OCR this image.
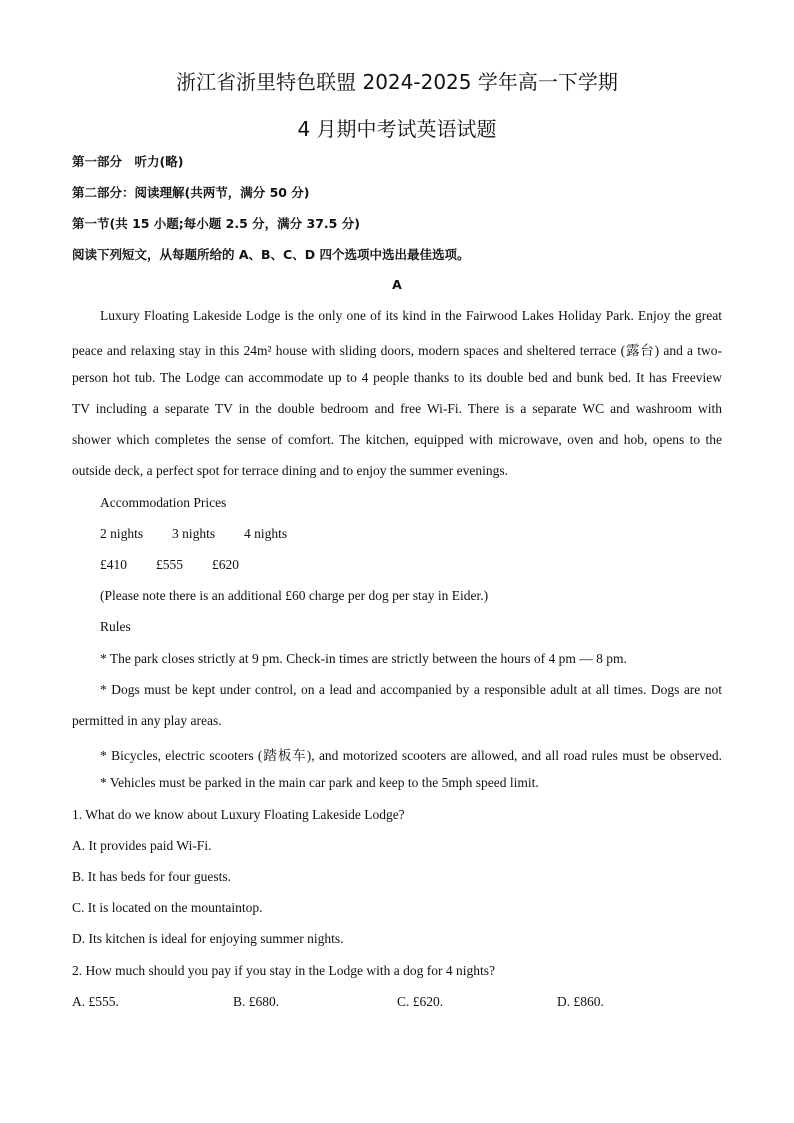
浙江省浙里特色联盟 2024-2025 学年高一下学期
4 月期中考试英语试题
第一部分　听力(略)
第二部分：阅读理解(共两节，满分 50 分)
第一节(共 15 小题;每小题 2.5 分，满分 37.5 分)
阅读下列短文，从每题所给的 A、B、C、D 四个选项中选出最佳选项。
A
Luxury Floating Lakeside Lodge is the only one of its kind in the Fairwood Lakes Holiday Park. Enjoy the great
peace and relaxing stay in this 24m² house with sliding doors, modern spaces and sheltered terrace (露台) and a two-
person hot tub. The Lodge can accommodate up to 4 people thanks to its double bed and bunk bed. It has Freeview
TV including a separate TV in the double bedroom and free Wi-Fi. There is a separate WC and washroom with
shower which completes the sense of comfort. The kitchen, equipped with microwave, oven and hob, opens to the
outside deck, a perfect spot for terrace dining and to enjoy the summer evenings.
Accommodation Prices
2 nights 3 nights 4 nights
£410 £555 £620
(Please note there is an additional £60 charge per dog per stay in Eider.)
Rules
* The park closes strictly at 9 pm. Check-in times are strictly between the hours of 4 pm — 8 pm.
* Dogs must be kept under control, on a lead and accompanied by a responsible adult at all times. Dogs are not
permitted in any play areas.
* Bicycles, electric scooters (踏板车), and motorized scooters are allowed, and all road rules must be observed.
* Vehicles must be parked in the main car park and keep to the 5mph speed limit.
1. What do we know about Luxury Floating Lakeside Lodge?
A. It provides paid Wi-Fi.
B. It has beds for four guests.
C. It is located on the mountaintop.
D. Its kitchen is ideal for enjoying summer nights.
2. How much should you pay if you stay in the Lodge with a dog for 4 nights?
A. £555.	B. £680.	C. £620.	D. £860.
